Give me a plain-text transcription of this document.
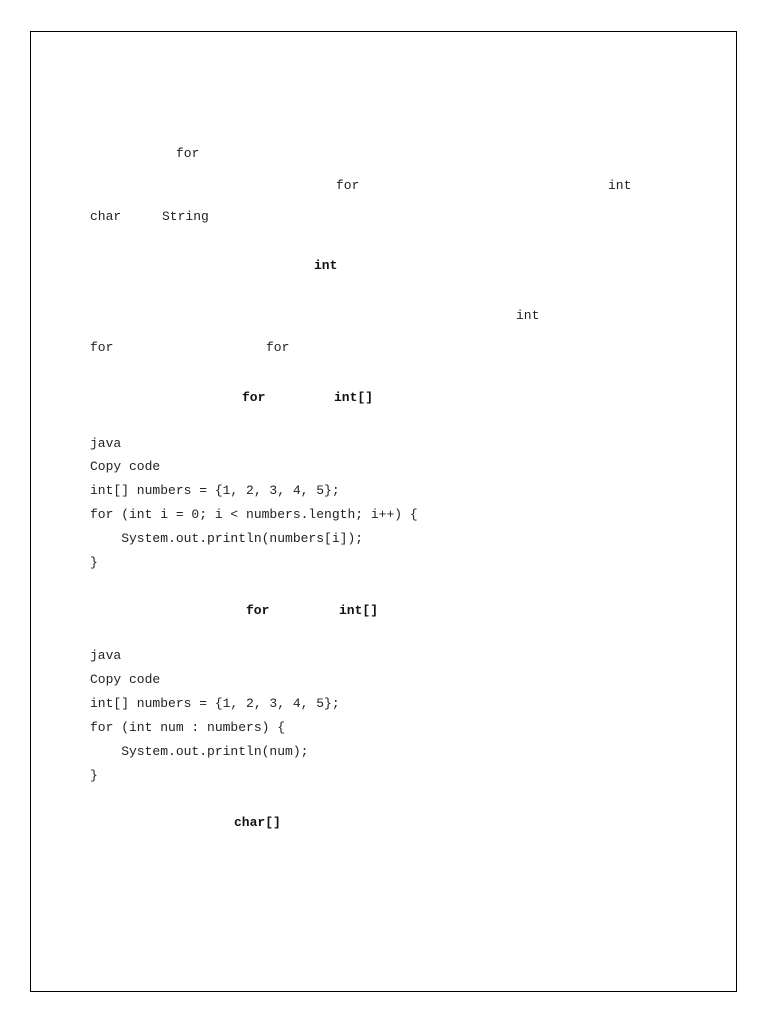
for
for	int
char	String
int
int
for	for
for	int[]
java
Copy code
int[] numbers = {1, 2, 3, 4, 5};
for (int i = 0; i < numbers.length; i++) {
System.out.println(numbers[i]);
}
for	int[]
java
Copy code
int[] numbers = {1, 2, 3, 4, 5};
for (int num : numbers) {
System.out.println(num);
}
char[]
